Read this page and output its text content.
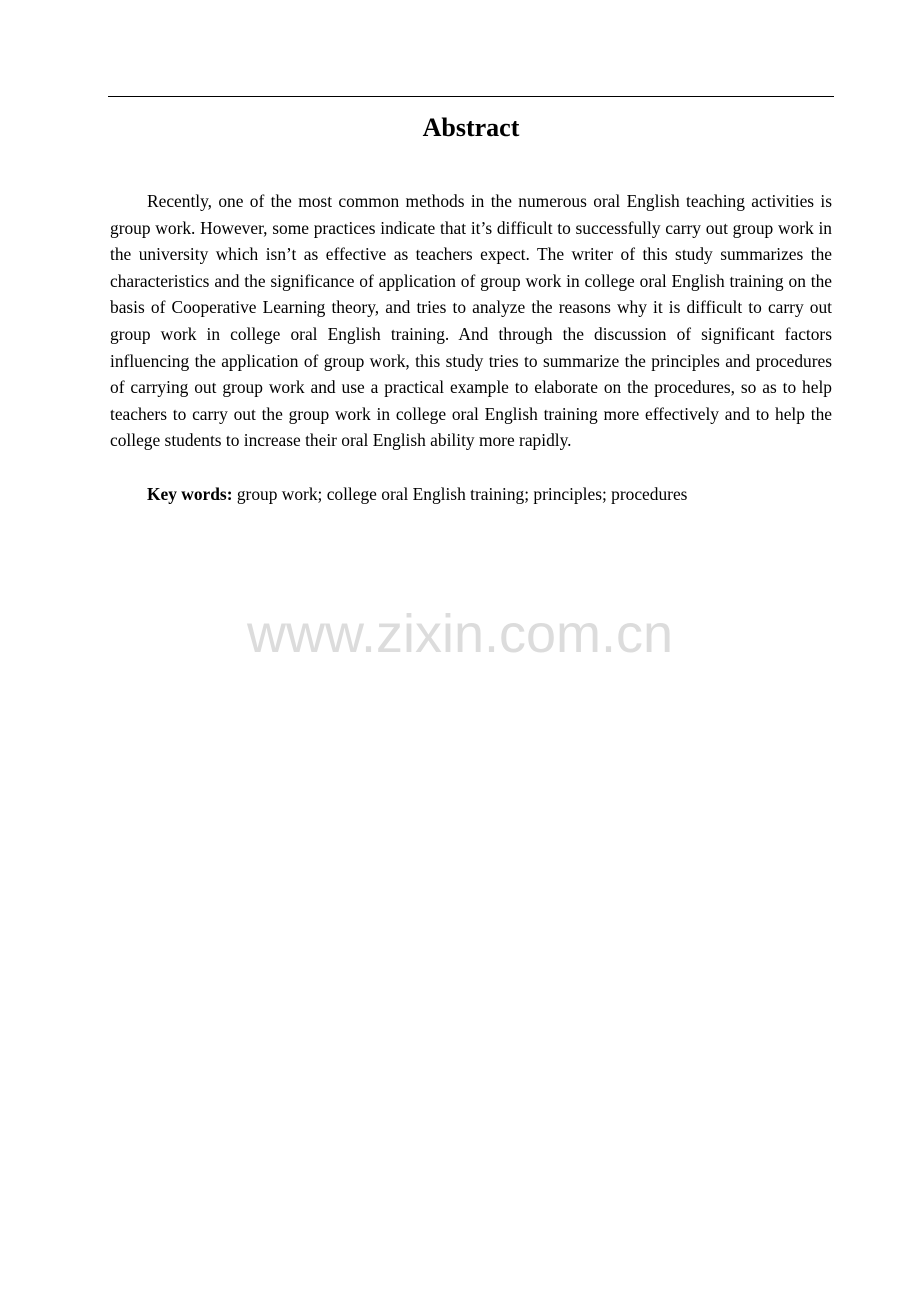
Abstract

Recently, one of the most common methods in the numerous oral English teaching activities is group work. However, some practices indicate that it’s difficult to successfully carry out group work in the university which isn’t as effective as teachers expect. The writer of this study summarizes the characteristics and the significance of application of group work in college oral English training on the basis of Cooperative Learning theory, and tries to analyze the reasons why it is difficult to carry out group work in college oral English training. And through the discussion of significant factors influencing the application of group work, this study tries to summarize the principles and procedures of carrying out group work and use a practical example to elaborate on the procedures, so as to help teachers to carry out the group work in college oral English training more effectively and to help the college students to increase their oral English ability more rapidly.

Key words: group work; college oral English training; principles; procedures

www.zixin.com.cn
